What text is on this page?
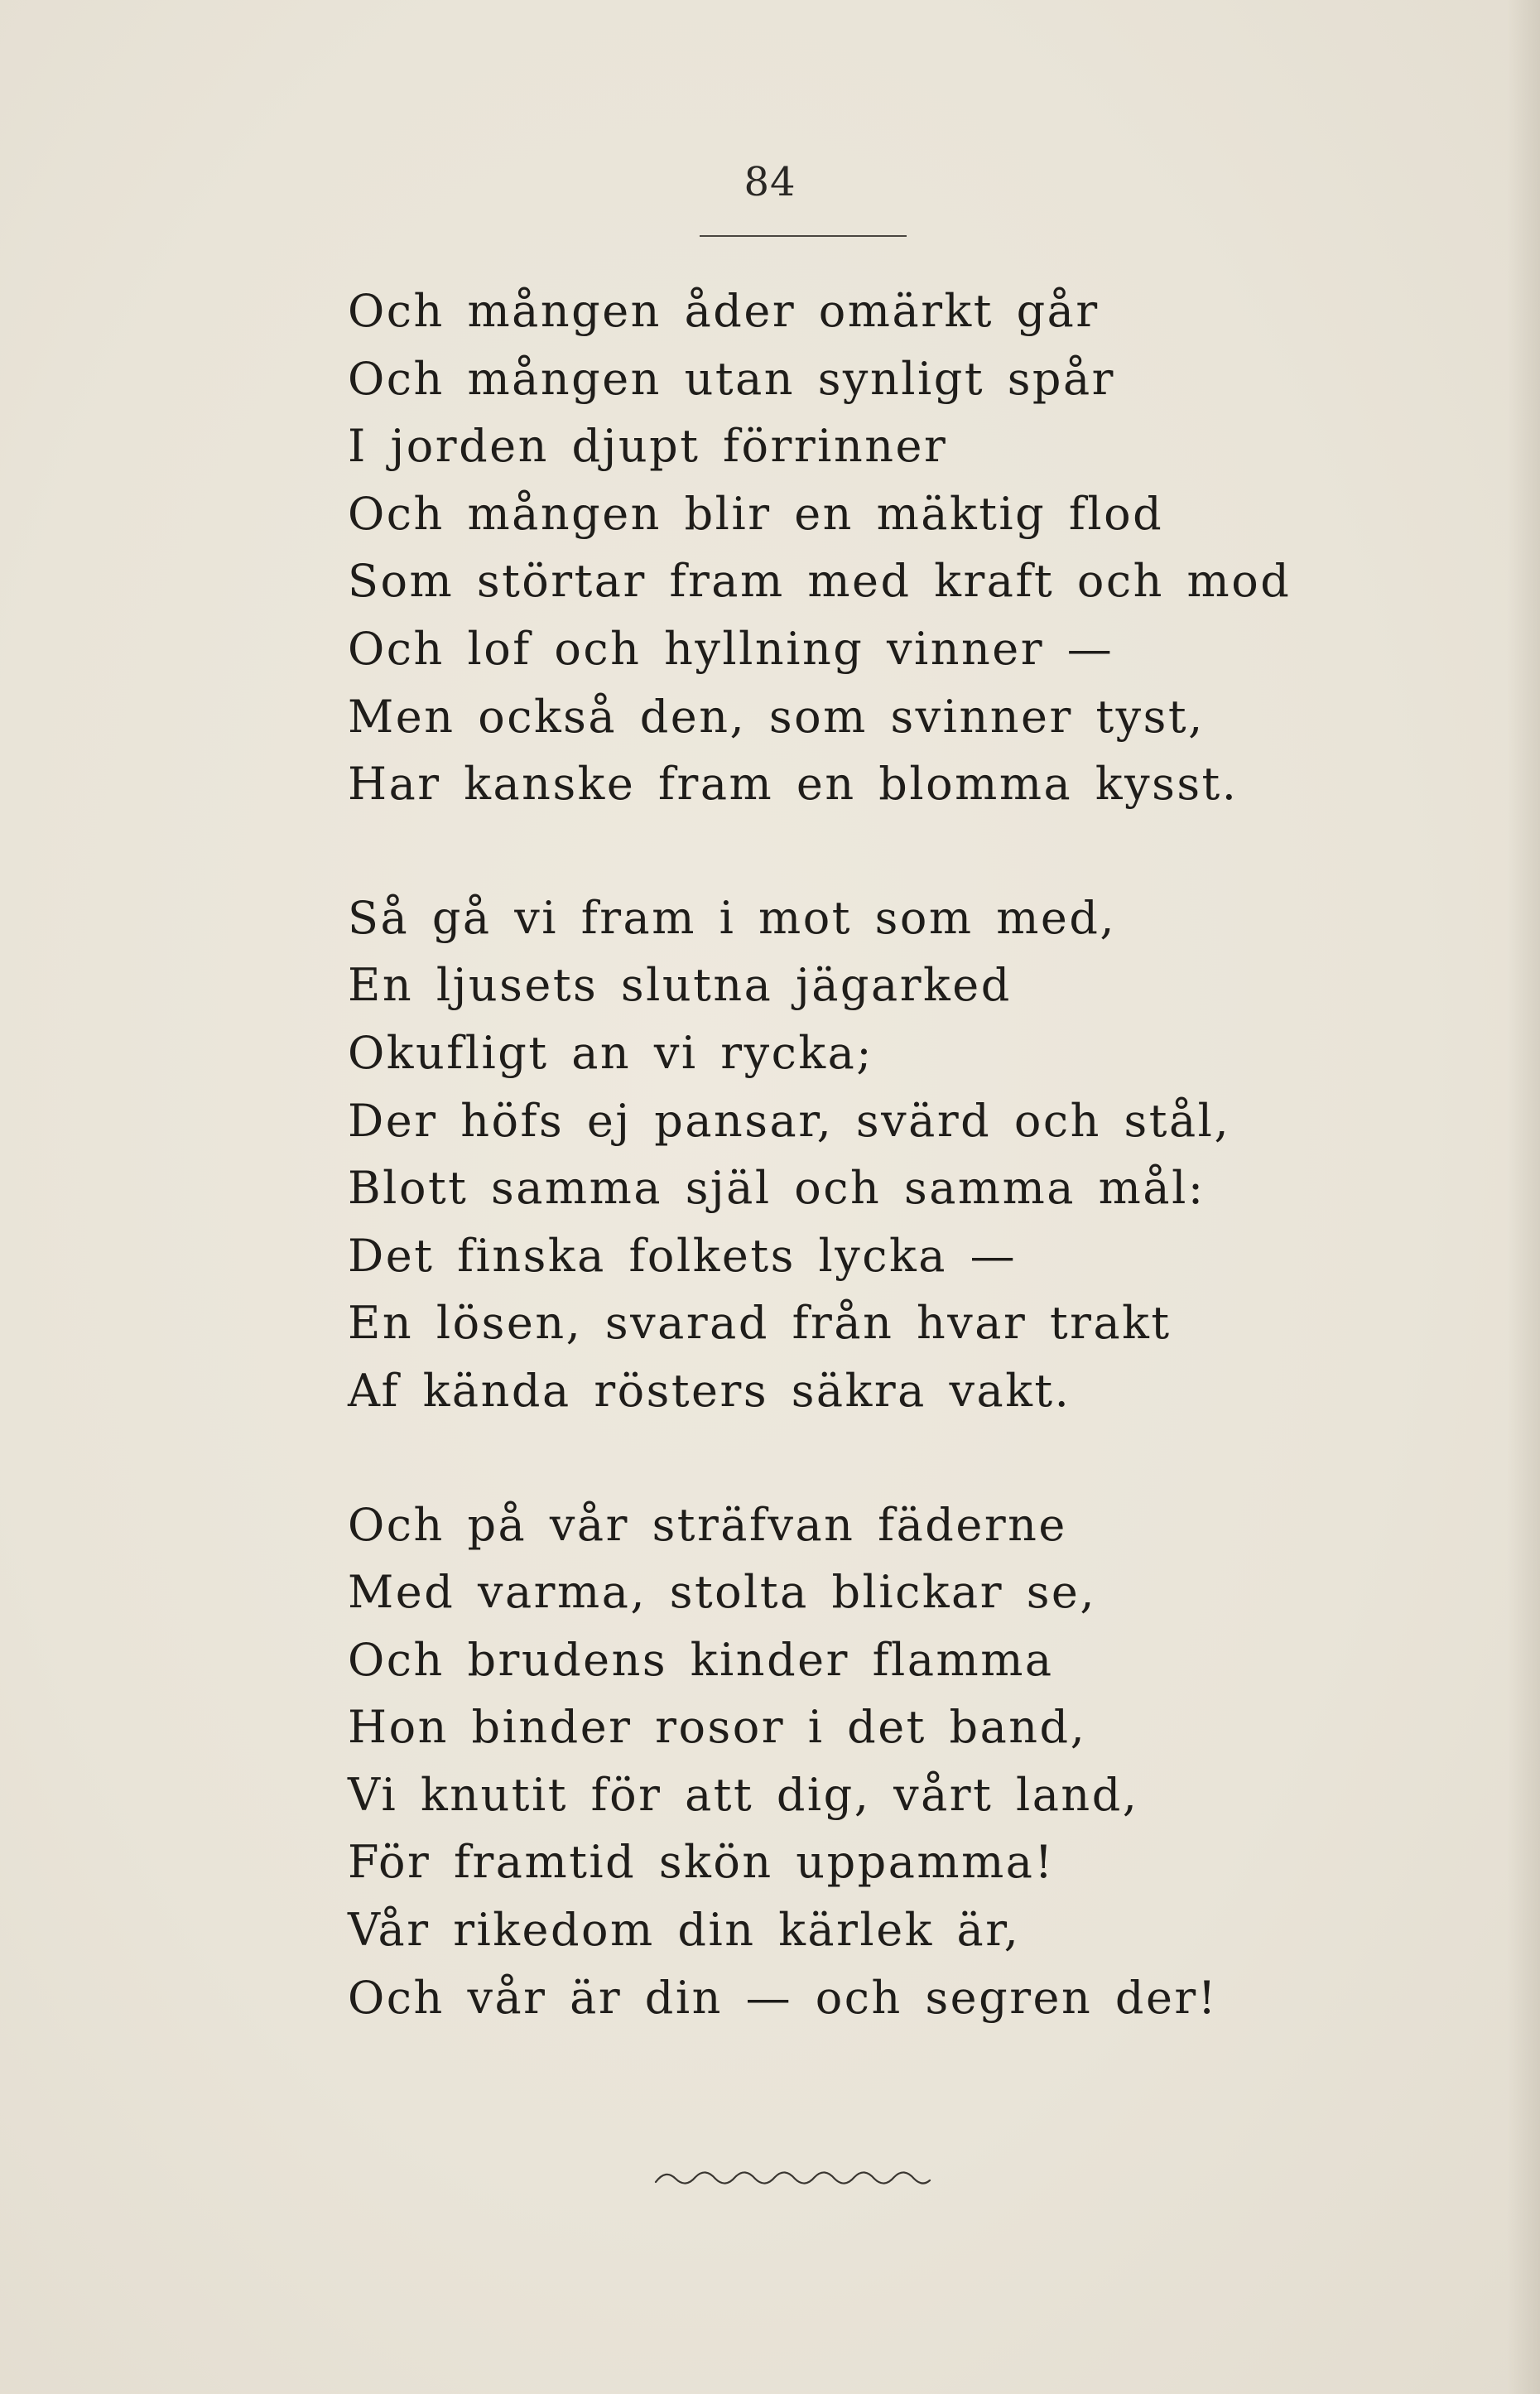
84
Och mången åder omärkt går
Och mången utan synligt spår
I jorden djupt förrinner
Och mången blir en mäktig flod
Som störtar fram med kraft och mod
Och lof och hyllning vinner —
Men också den, som svinner tyst,
Har kanske fram en blomma kysst.
Så gå vi fram i mot som med,
En ljusets slutna jägarked
Okufligt an vi rycka;
Der höfs ej pansar, svärd och stål,
Blott samma själ och samma mål:
Det finska folkets lycka —
En lösen, svarad från hvar trakt
Af kända rösters säkra vakt.
Och på vår sträfvan fäderne
Med varma, stolta blickar se,
Och brudens kinder flamma
Hon binder rosor i det band,
Vi knutit för att dig, vårt land,
För framtid skön uppamma!
Vår rikedom din kärlek är,
Och vår är din — och segren der!
